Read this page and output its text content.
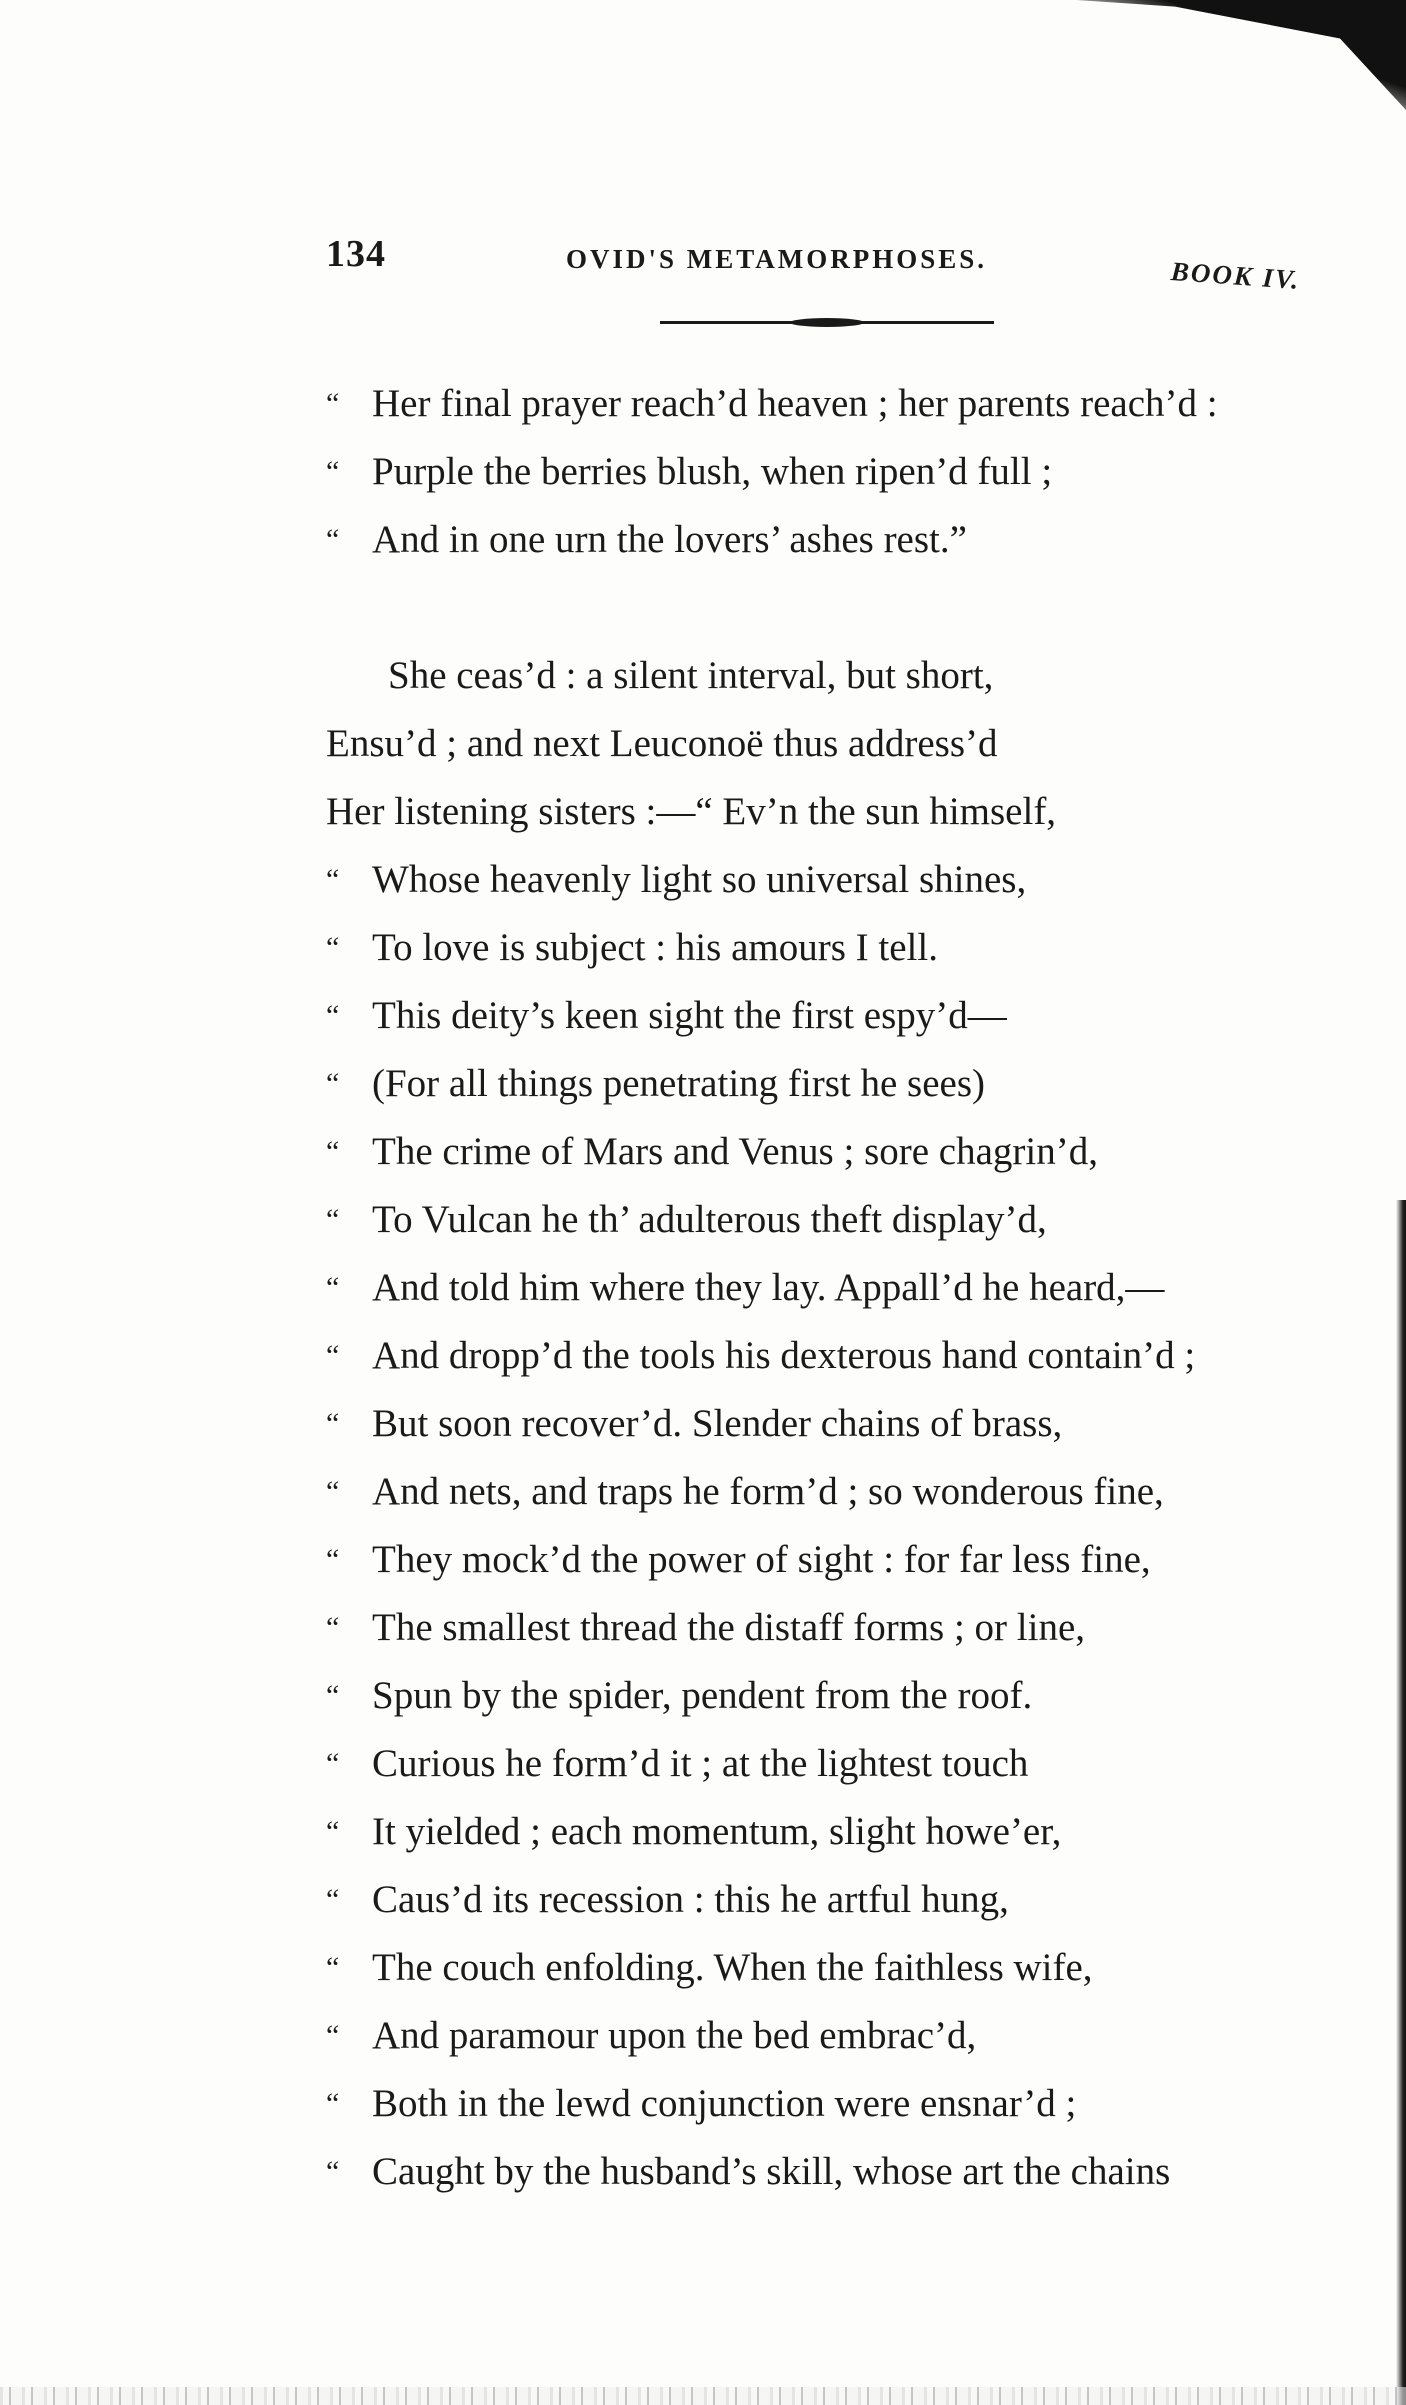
134	OVID'S METAMORPHOSES.	BOOK IV.
“ Her final prayer reach’d heaven ; her parents reach’d :
“ Purple the berries blush, when ripen’d full ;
“ And in one urn the lovers’ ashes rest.”
She ceas’d : a silent interval, but short,
Ensu’d ; and next Leuconoë thus address’d
Her listening sisters :—“ Ev’n the sun himself,
“ Whose heavenly light so universal shines,
“ To love is subject : his amours I tell.
“ This deity’s keen sight the first espy’d—
“ (For all things penetrating first he sees)
“ The crime of Mars and Venus ; sore chagrin’d,
“ To Vulcan he th’ adulterous theft display’d,
“ And told him where they lay. Appall’d he heard,—
“ And dropp’d the tools his dexterous hand contain’d ;
“ But soon recover’d. Slender chains of brass,
“ And nets, and traps he form’d ; so wonderous fine,
“ They mock’d the power of sight : for far less fine,
“ The smallest thread the distaff forms ; or line,
“ Spun by the spider, pendent from the roof.
“ Curious he form’d it ; at the lightest touch
“ It yielded ; each momentum, slight howe’er,
“ Caus’d its recession : this he artful hung,
“ The couch enfolding. When the faithless wife,
“ And paramour upon the bed embrac’d,
“ Both in the lewd conjunction were ensnar’d ;
“ Caught by the husband’s skill, whose art the chains
